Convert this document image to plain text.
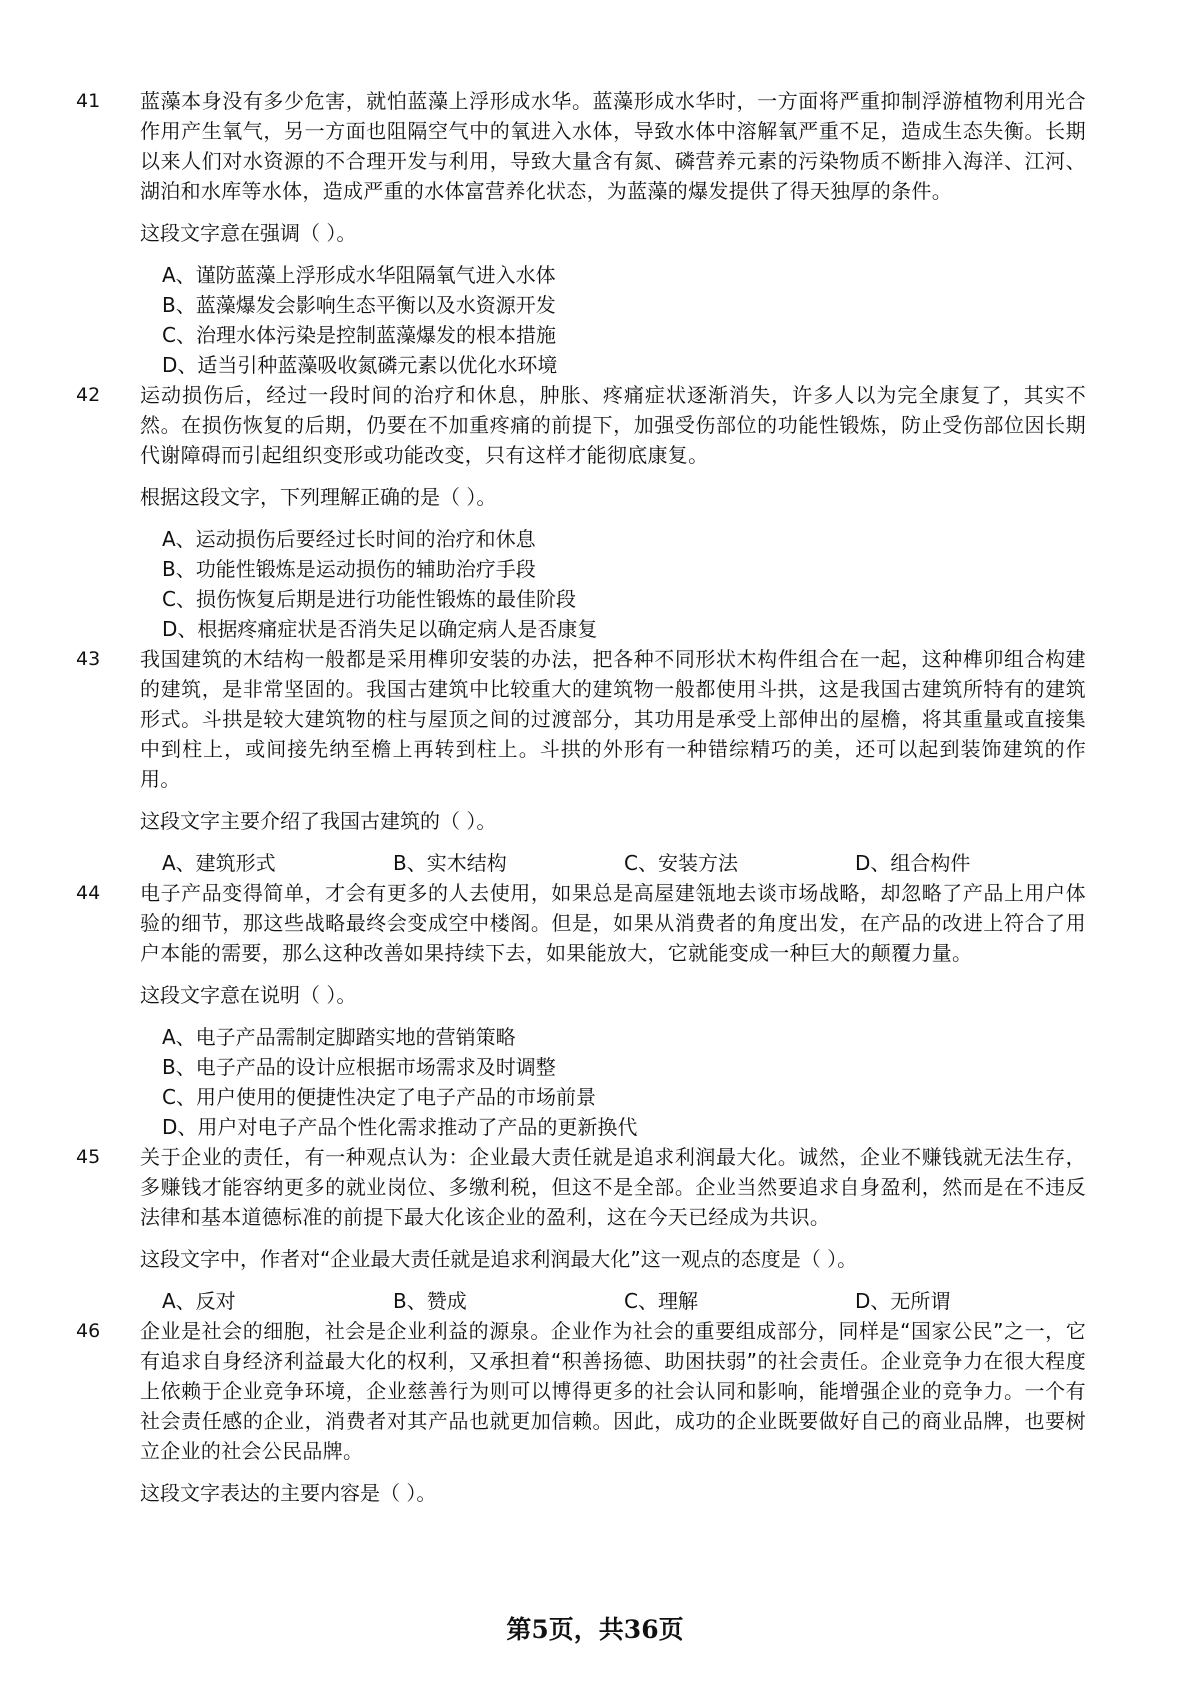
41	蓝藻本身没有多少危害，就怕蓝藻上浮形成水华。蓝藻形成水华时，一方面将严重抑制浮游植物利用光合作用产生氧气，另一方面也阻隔空气中的氧进入水体，导致水体中溶解氧严重不足，造成生态失衡。长期以来人们对水资源的不合理开发与利用，导致大量含有氮、磷营养元素的污染物质不断排入海洋、江河、湖泊和水库等水体，造成严重的水体富营养化状态，为蓝藻的爆发提供了得天独厚的条件。
这段文字意在强调（ ）。
A、谨防蓝藻上浮形成水华阻隔氧气进入水体
B、蓝藻爆发会影响生态平衡以及水资源开发
C、治理水体污染是控制蓝藻爆发的根本措施
D、适当引种蓝藻吸收氮磷元素以优化水环境
42	运动损伤后，经过一段时间的治疗和休息，肿胀、疼痛症状逐渐消失，许多人以为完全康复了，其实不然。在损伤恢复的后期，仍要在不加重疼痛的前提下，加强受伤部位的功能性锻炼，防止受伤部位因长期代谢障碍而引起组织变形或功能改变，只有这样才能彻底康复。
根据这段文字，下列理解正确的是（ ）。
A、运动损伤后要经过长时间的治疗和休息
B、功能性锻炼是运动损伤的辅助治疗手段
C、损伤恢复后期是进行功能性锻炼的最佳阶段
D、根据疼痛症状是否消失足以确定病人是否康复
43	我国建筑的木结构一般都是采用榫卯安装的办法，把各种不同形状木构件组合在一起，这种榫卯组合构建的建筑，是非常坚固的。我国古建筑中比较重大的建筑物一般都使用斗拱，这是我国古建筑所特有的建筑形式。斗拱是较大建筑物的柱与屋顶之间的过渡部分，其功用是承受上部伸出的屋檐，将其重量或直接集中到柱上，或间接先纳至檐上再转到柱上。斗拱的外形有一种错综精巧的美，还可以起到装饰建筑的作用。
这段文字主要介绍了我国古建筑的（ ）。
A、建筑形式	B、实木结构	C、安装方法	D、组合构件
44	电子产品变得简单，才会有更多的人去使用，如果总是高屋建瓴地去谈市场战略，却忽略了产品上用户体验的细节，那这些战略最终会变成空中楼阁。但是，如果从消费者的角度出发，在产品的改进上符合了用户本能的需要，那么这种改善如果持续下去，如果能放大，它就能变成一种巨大的颠覆力量。
这段文字意在说明（ ）。
A、电子产品需制定脚踏实地的营销策略
B、电子产品的设计应根据市场需求及时调整
C、用户使用的便捷性决定了电子产品的市场前景
D、用户对电子产品个性化需求推动了产品的更新换代
45	关于企业的责任，有一种观点认为：企业最大责任就是追求利润最大化。诚然，企业不赚钱就无法生存，多赚钱才能容纳更多的就业岗位、多缴利税，但这不是全部。企业当然要追求自身盈利，然而是在不违反法律和基本道德标准的前提下最大化该企业的盈利，这在今天已经成为共识。
这段文字中，作者对“企业最大责任就是追求利润最大化”这一观点的态度是（ ）。
A、反对	B、赞成	C、理解	D、无所谓
46	企业是社会的细胞，社会是企业利益的源泉。企业作为社会的重要组成部分，同样是“国家公民”之一，它有追求自身经济利益最大化的权利，又承担着“积善扬德、助困扶弱”的社会责任。企业竞争力在很大程度上依赖于企业竞争环境，企业慈善行为则可以博得更多的社会认同和影响，能增强企业的竞争力。一个有社会责任感的企业，消费者对其产品也就更加信赖。因此，成功的企业既要做好自己的商业品牌，也要树立企业的社会公民品牌。
这段文字表达的主要内容是（ ）。
第5页，共36页
